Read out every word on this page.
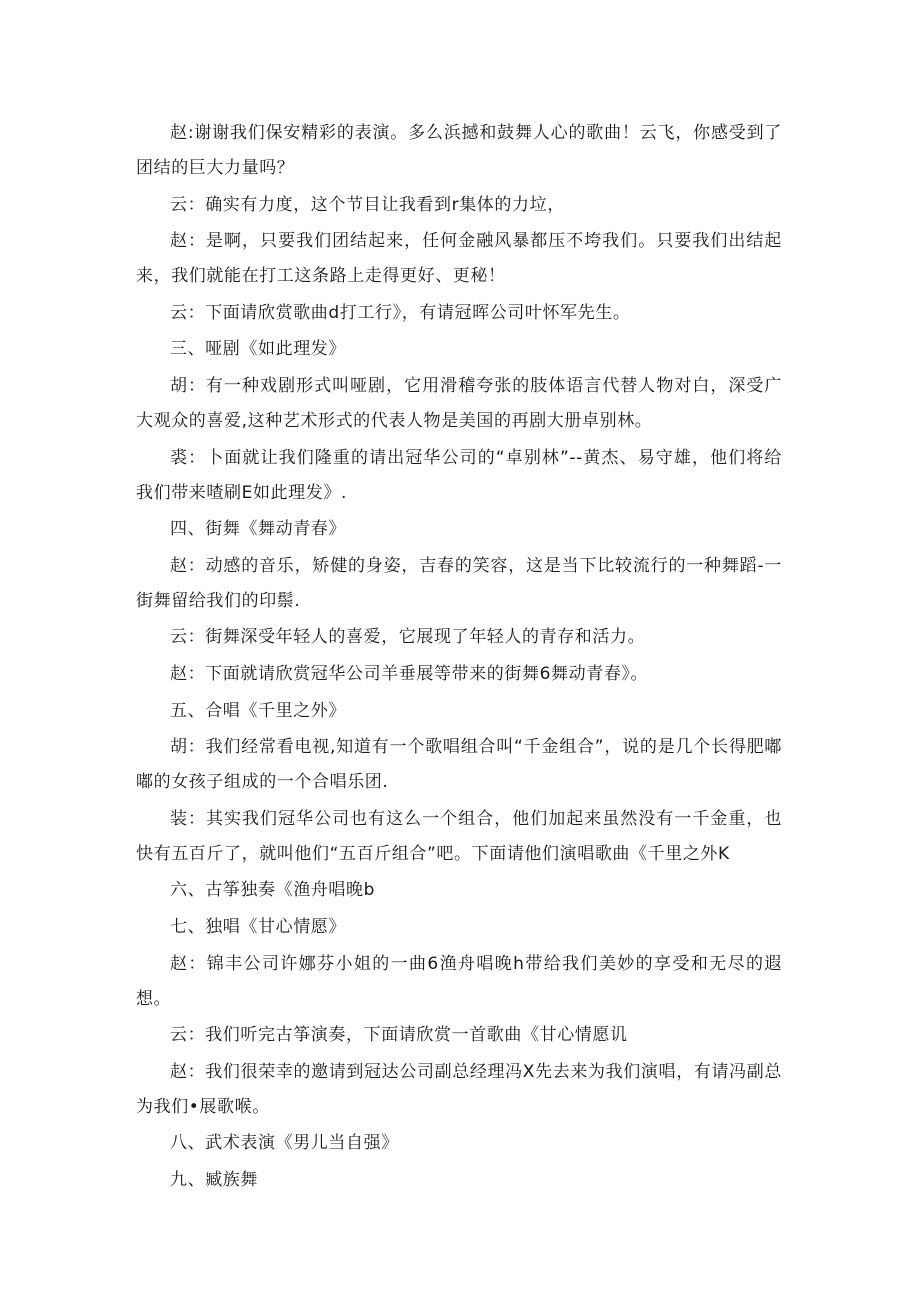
赵:谢谢我们保安精彩的表演。多么浜撼和鼓舞人心的歌曲！云飞，你感受到了团结的巨大力量吗？

云：确实有力度，这个节目让我看到r集体的力垃，

赵：是啊，只要我们团结起来，任何金融风暴都压不垮我们。只要我们出结起来，我们就能在打工这条路上走得更好、更秘！

云：下面请欣赏歌曲d打工行》，有请冠晖公司叶怀军先生。

三、哑剧《如此理发》

胡：有一种戏剧形式叫哑剧，它用滑稽夸张的肢体语言代替人物对白，深受广大观众的喜爱,这种艺术形式的代表人物是美国的再剧大册卓别林。

裘：卜面就让我们隆重的请出冠华公司的“卓别林”--黄杰、易守雄，他们将给我们带来喳刷E如此理发》.

四、街舞《舞动青春》

赵：动感的音乐，矫健的身姿，吉春的笑容，这是当下比较流行的一种舞蹈-一街舞留给我们的印鬃.

云：街舞深受年轻人的喜爱，它展现了年轻人的青存和活力。

赵：下面就请欣赏冠华公司羊垂展等带来的街舞6舞动青春》。

五、合唱《千里之外》

胡：我们经常看电视,知道有一个歌唱组合叫“千金组合”，说的是几个长得肥嘟嘟的女孩子组成的一个合唱乐团.

装：其实我们冠华公司也有这么一个组合，他们加起来虽然没有一千金重，也快有五百斤了，就叫他们“五百斤组合”吧。下面请他们演唱歌曲《千里之外K

六、古筝独奏《渔舟唱晚b

七、独唱《甘心情愿》

赵：锦丰公司许娜芬小姐的一曲6渔舟唱晚h带给我们美妙的享受和无尽的遐想。

云：我们听完古筝演奏，下面请欣赏一首歌曲《甘心情愿讥

赵：我们很荣幸的邀请到冠达公司副总经理冯X先去来为我们演唱，有请冯副总为我们•展歌喉。

八、武术表演《男儿当自强》

九、臧族舞
